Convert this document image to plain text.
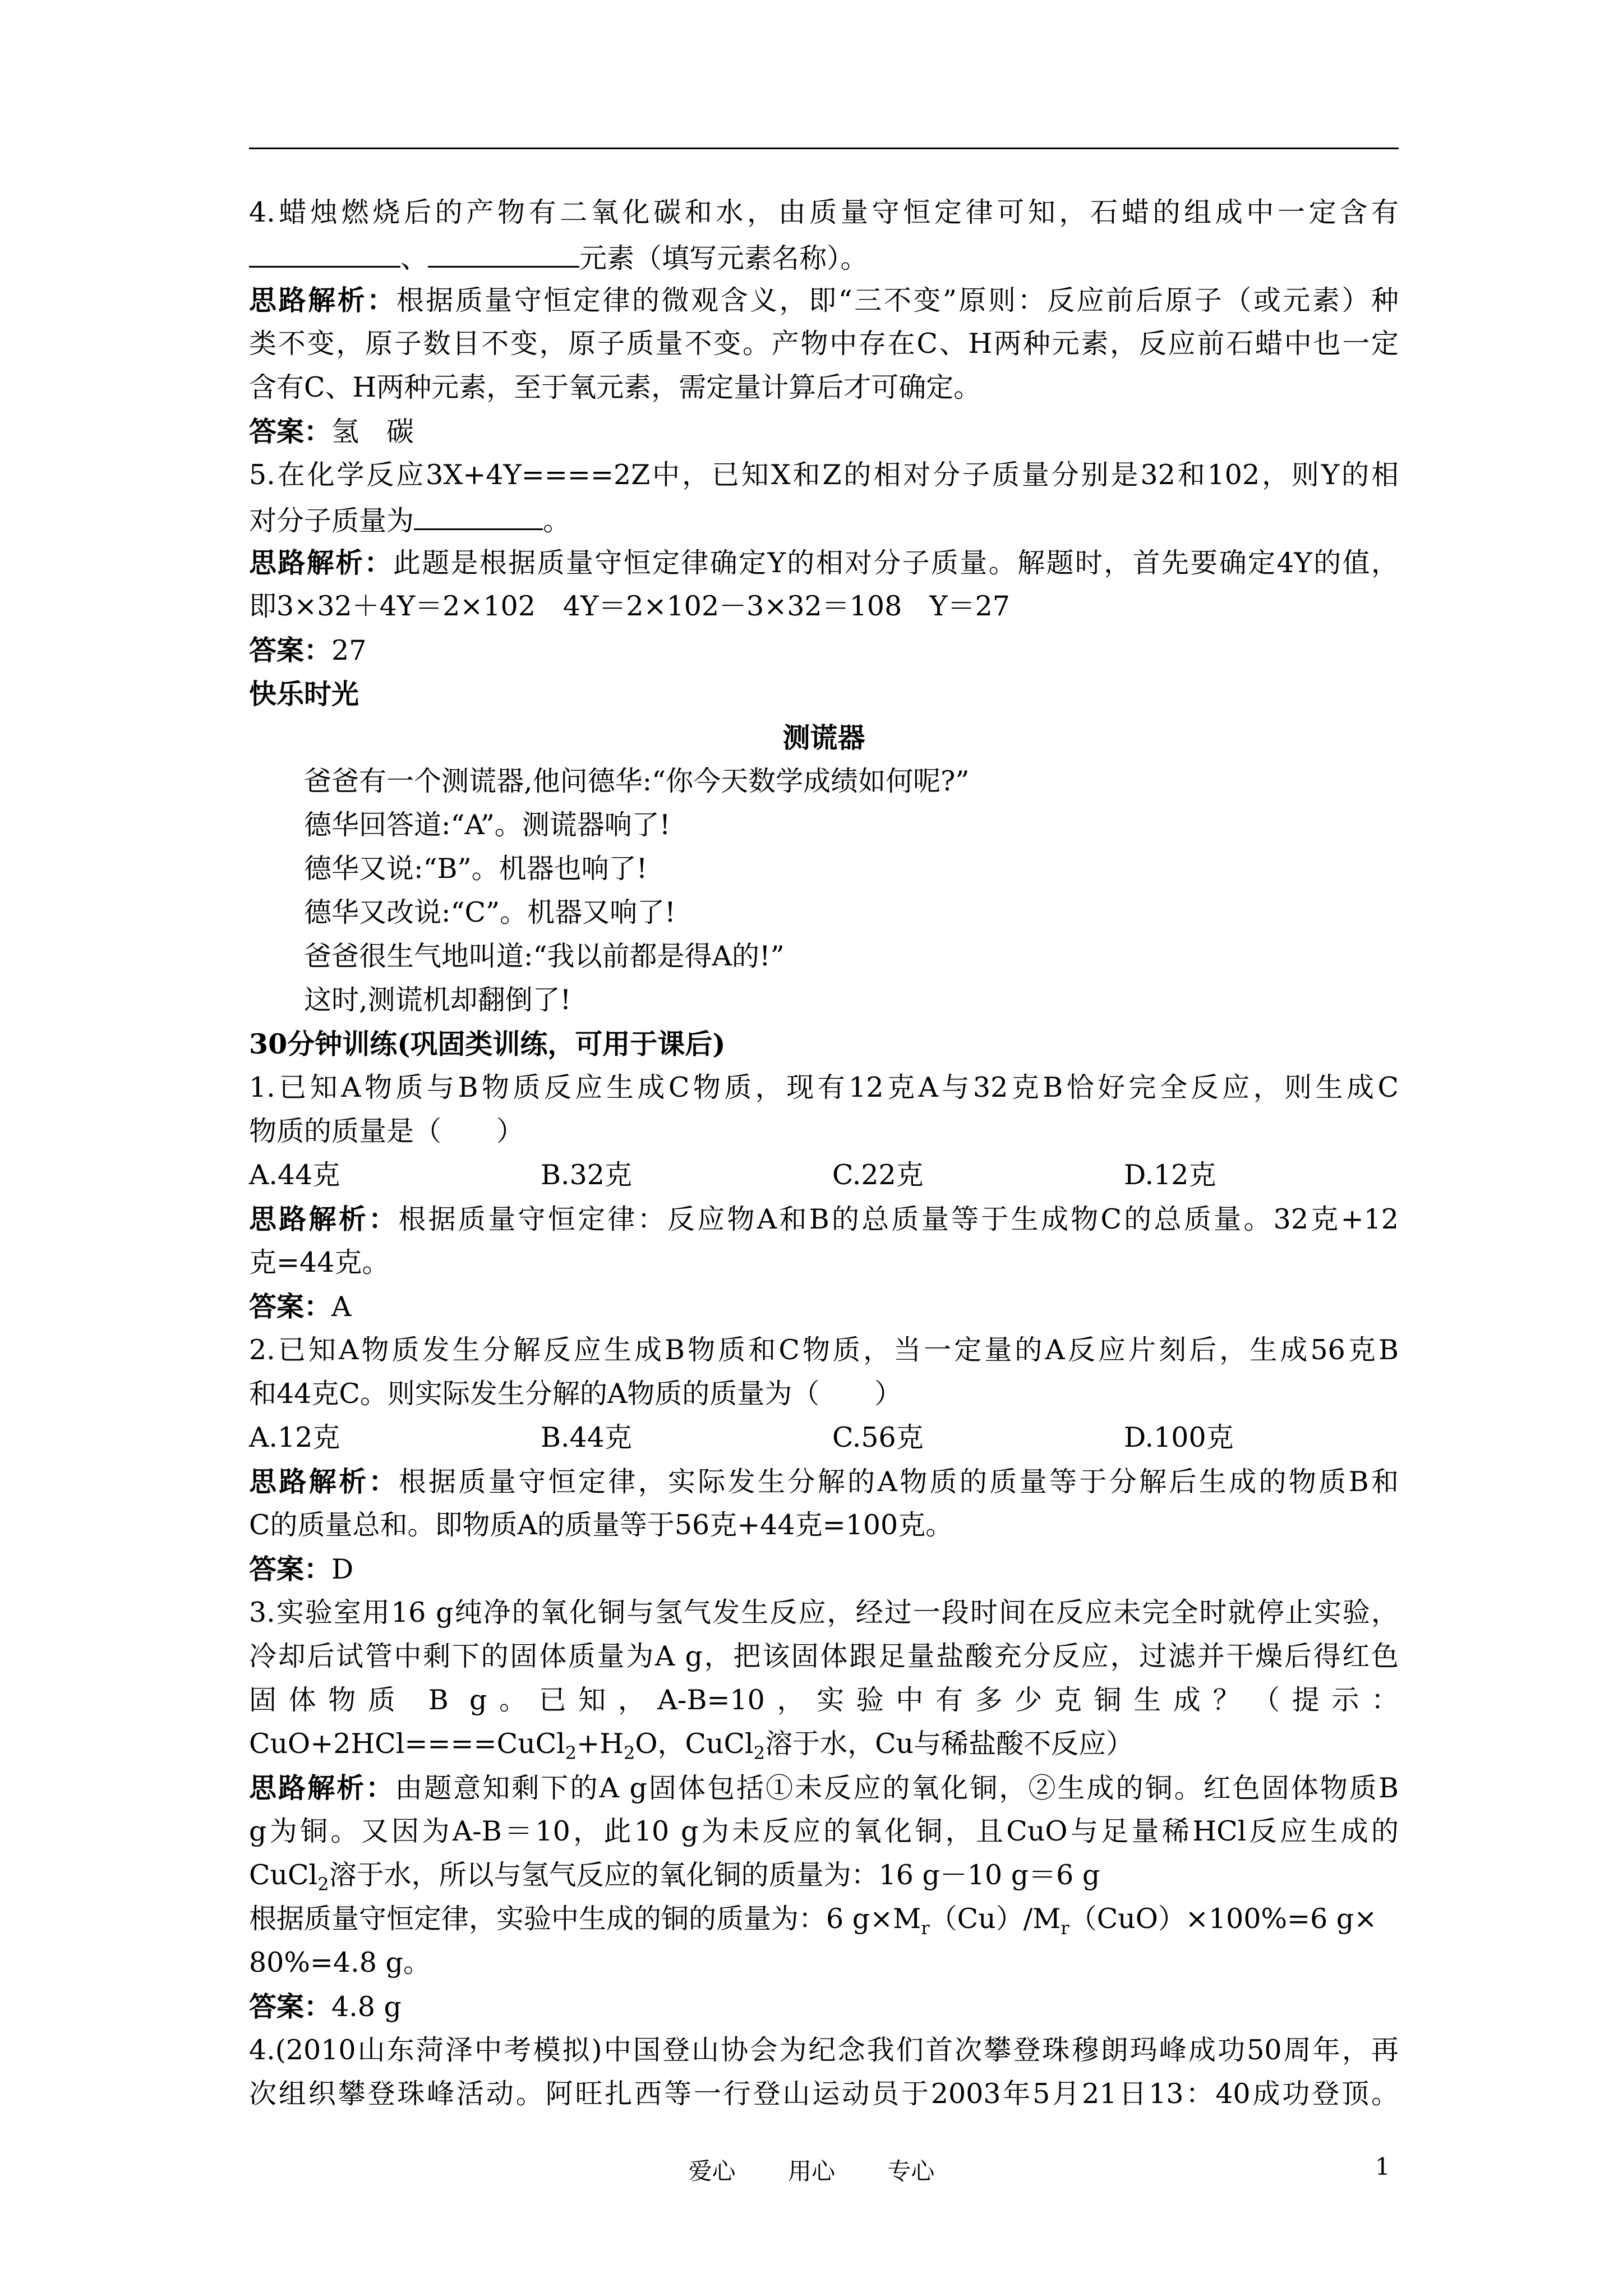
4.蜡烛燃烧后的产物有二氧化碳和水，由质量守恒定律可知，石蜡的组成中一定含有
、	元素（填写元素名称）。
思路解析：根据质量守恒定律的微观含义，即“三不变”原则：反应前后原子（或元素）种
类不变，原子数目不变，原子质量不变。产物中存在C、H两种元素，反应前石蜡中也一定
含有C、H两种元素，至于氧元素，需定量计算后才可确定。
答案：氢　碳
5.在化学反应3X+4Y====2Z中，已知X和Z的相对分子质量分别是32和102，则Y的相
对分子质量为	。
思路解析：此题是根据质量守恒定律确定Y的相对分子质量。解题时，首先要确定4Y的值，
即3×32＋4Y＝2×102　4Y＝2×102－3×32＝108　Y＝27
答案：27
快乐时光
测谎器
爸爸有一个测谎器,他问德华:“你今天数学成绩如何呢?”
德华回答道:“A”。测谎器响了!
德华又说:“B”。机器也响了!
德华又改说:“C”。机器又响了!
爸爸很生气地叫道:“我以前都是得A的!”
这时,测谎机却翻倒了!
30分钟训练(巩固类训练，可用于课后)
1.已知A物质与B物质反应生成C物质，现有12克A与32克B恰好完全反应，则生成C
物质的质量是（　　）
A.44克	B.32克	C.22克	D.12克
思路解析：根据质量守恒定律：反应物A和B的总质量等于生成物C的总质量。32克+12
克=44克。
答案：A
2.已知A物质发生分解反应生成B物质和C物质，当一定量的A反应片刻后，生成56克B
和44克C。则实际发生分解的A物质的质量为（　　）
A.12克	B.44克	C.56克	D.100克
思路解析：根据质量守恒定律，实际发生分解的A物质的质量等于分解后生成的物质B和
C的质量总和。即物质A的质量等于56克+44克=100克。
答案：D
3.实验室用16 g纯净的氧化铜与氢气发生反应，经过一段时间在反应未完全时就停止实验，
冷却后试管中剩下的固体质量为A g，把该固体跟足量盐酸充分反应，过滤并干燥后得红色
固体物质 B g。已知，A-B=10，实验中有多少克铜生成？（提示：
$CuO+2HCl====CuCl_2+H_2O$，CuCl$_2$溶于水，Cu与稀盐酸不反应）
思路解析：由题意知剩下的A g固体包括①未反应的氧化铜，②生成的铜。红色固体物质B
g为铜。又因为A-B＝10，此10 g为未反应的氧化铜，且CuO与足量稀HCl反应生成的
CuCl$_2$溶于水，所以与氢气反应的氧化铜的质量为：16 g－10 g＝6 g
根据质量守恒定律，实验中生成的铜的质量为：6 $g\times M_r(Cu)/M_r(CuO)\times 100\%=6$ g×
80%=4.8 g。
答案：4.8 g
4.(2010山东菏泽中考模拟)中国登山协会为纪念我们首次攀登珠穆朗玛峰成功50周年，再
次组织攀登珠峰活动。阿旺扎西等一行登山运动员于2003年5月21日13：40成功登顶。
爱心 用心 专心	1
